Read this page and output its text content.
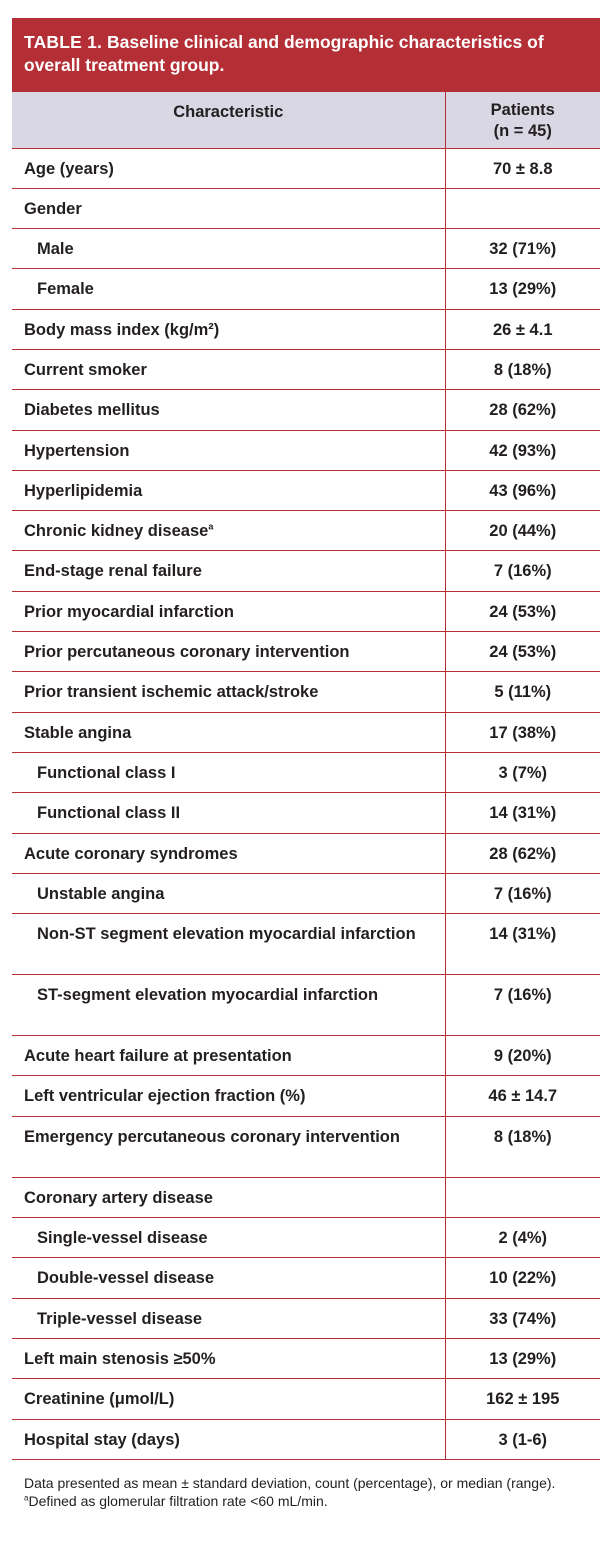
TABLE 1. Baseline clinical and demographic characteristics of overall treatment group.
Characteristic	Patients
(n = 45)

Age (years)	70 ± 8.8

Gender	

Male	32 (71%)

Female	13 (29%)

Body mass index (kg/m²)	26 ± 4.1

Current smoker	8 (18%)

Diabetes mellitus	28 (62%)

Hypertension	42 (93%)

Hyperlipidemia	43 (96%)

Chronic kidney disease$^a$	20 (44%)

End-stage renal failure	7 (16%)

Prior myocardial infarction	24 (53%)

Prior percutaneous coronary intervention	24 (53%)

Prior transient ischemic attack/stroke	5 (11%)

Stable angina	17 (38%)

Functional class I	3 (7%)

Functional class II	14 (31%)

Acute coronary syndromes	28 (62%)

Unstable angina	7 (16%)

Non-ST segment elevation myocardial infarction	14 (31%)

ST-segment elevation myocardial infarction	7 (16%)

Acute heart failure at presentation	9 (20%)

Left ventricular ejection fraction (%)	46 ± 14.7

Emergency percutaneous coronary intervention	8 (18%)

Coronary artery disease	

Single-vessel disease	2 (4%)

Double-vessel disease	10 (22%)

Triple-vessel disease	33 (74%)

Left main stenosis ≥50%	13 (29%)

Creatinine (μmol/L)	162 ± 195

Hospital stay (days)	3 (1-6)
Data presented as mean ± standard deviation, count (percentage), or median (range).
$^a$Defined as glomerular filtration rate <60 mL/min.
